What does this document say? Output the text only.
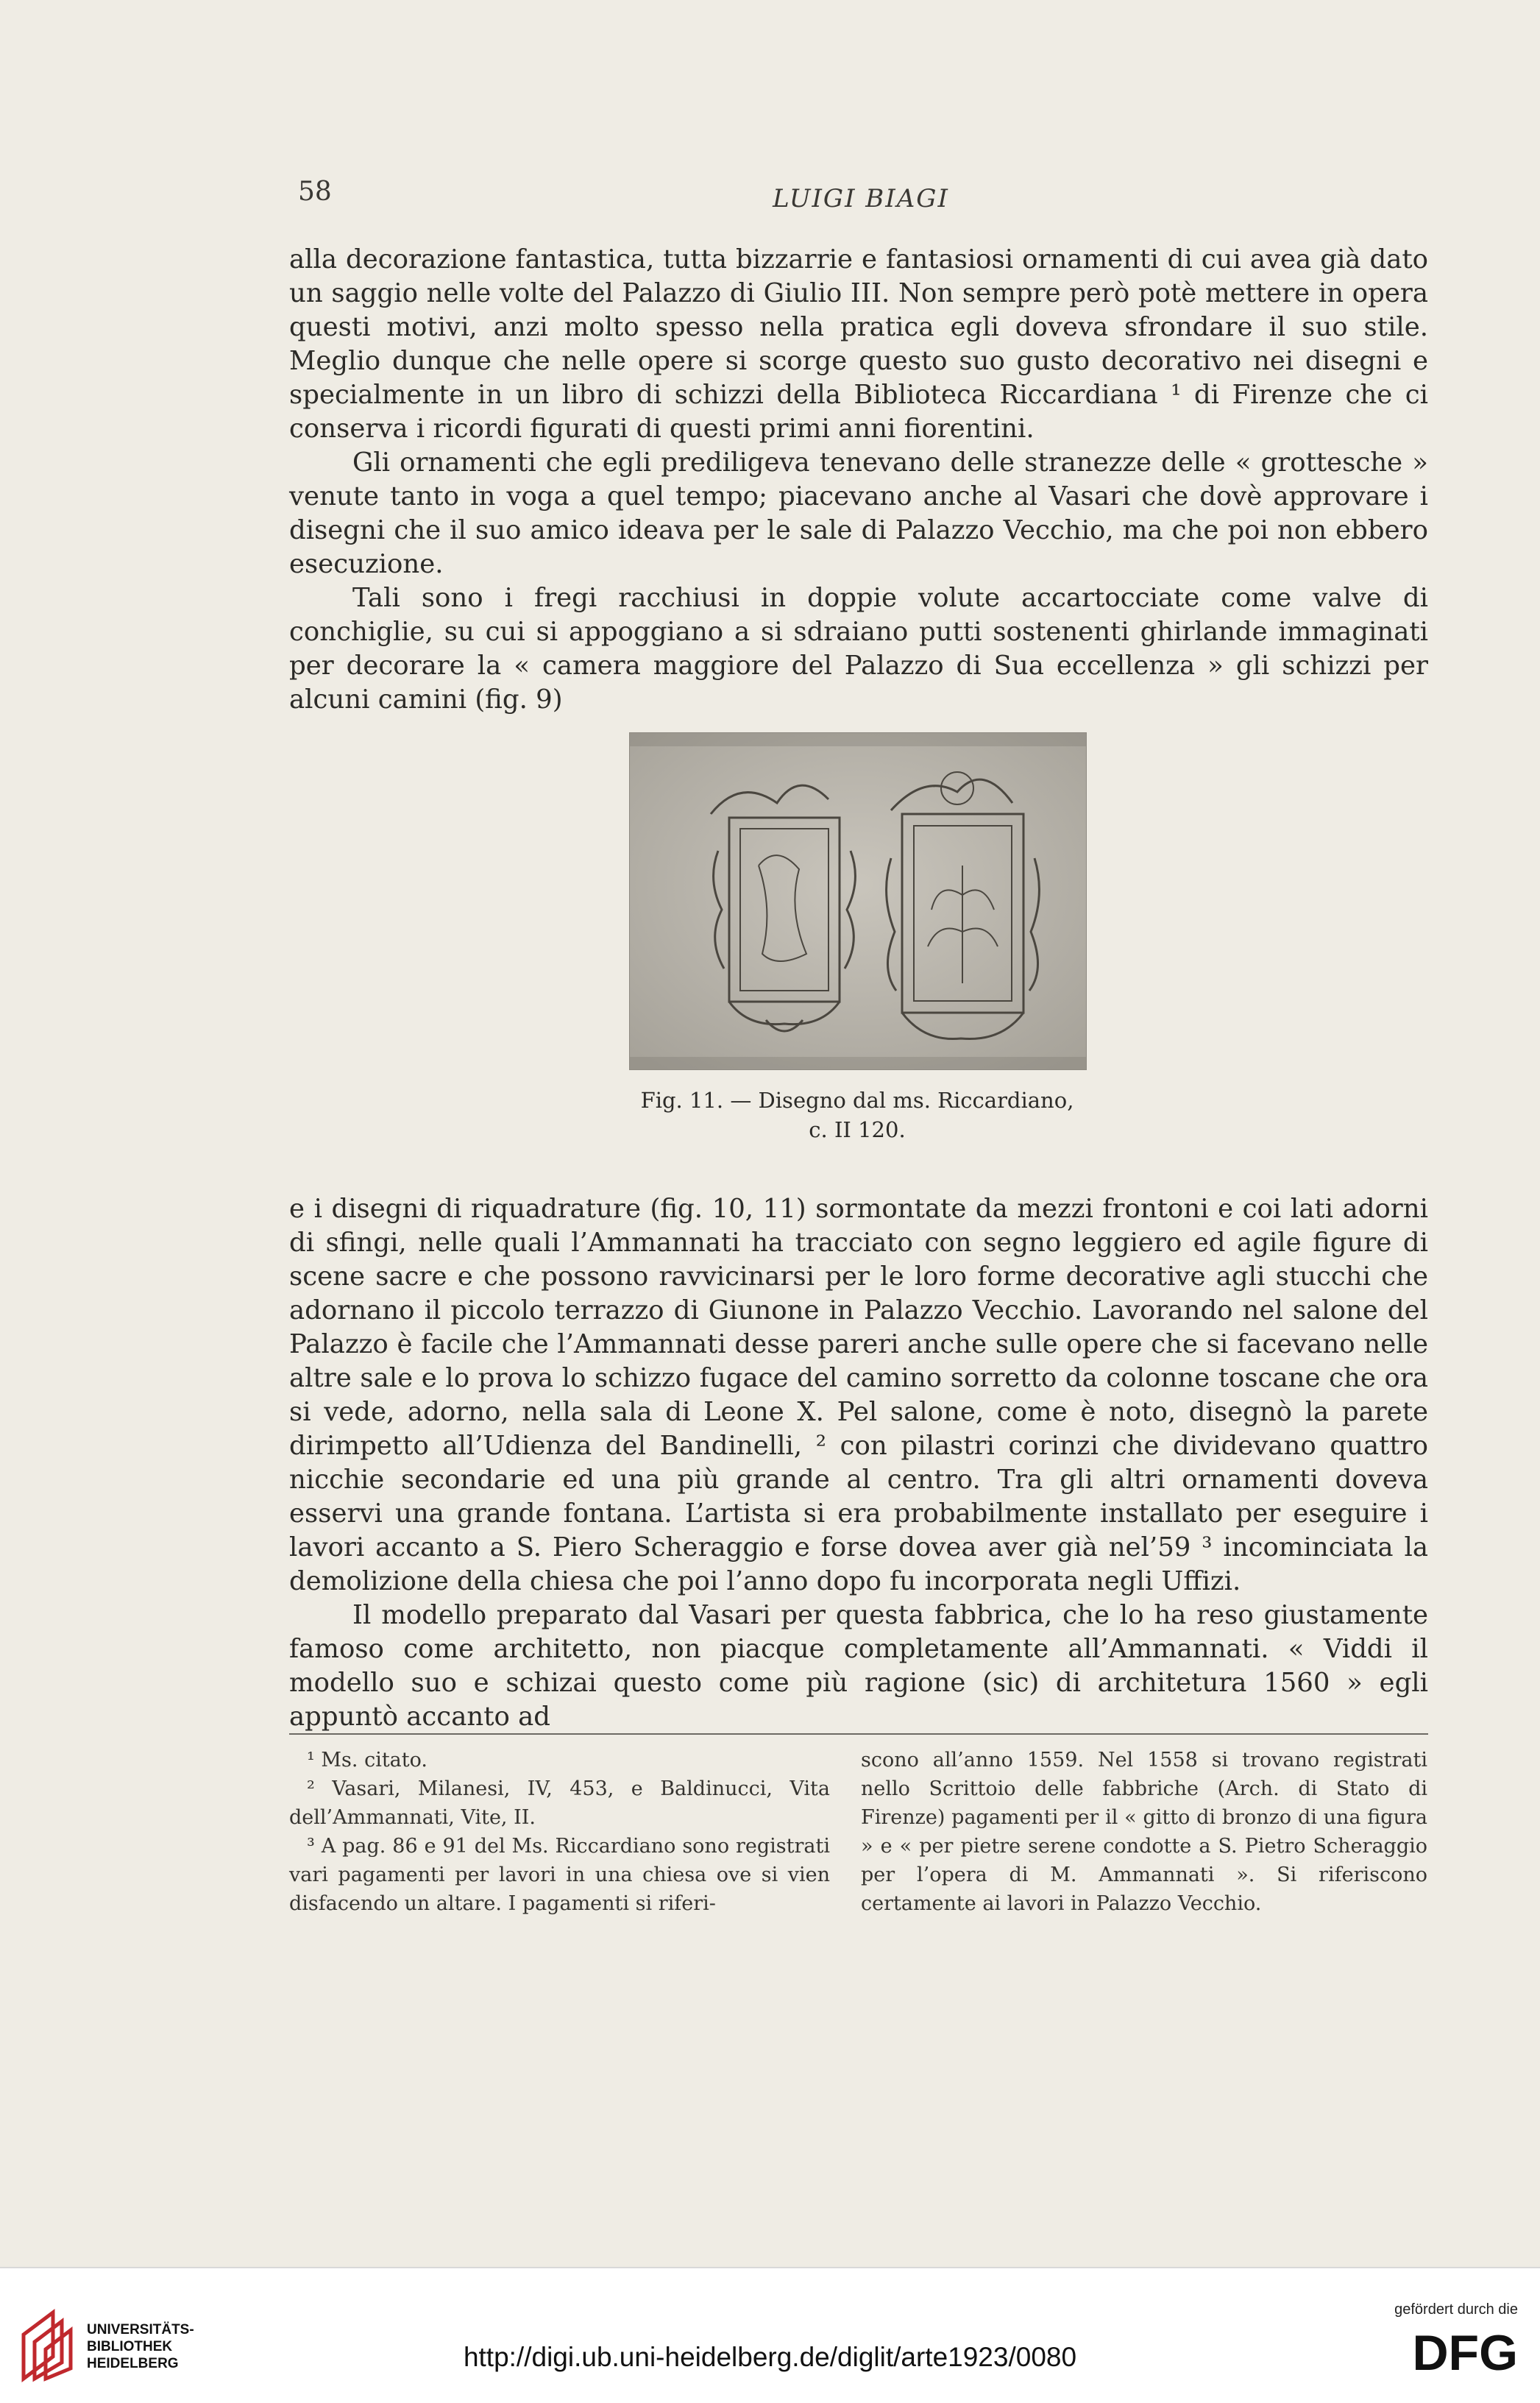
58	LUIGI BIAGI

alla decorazione fantastica, tutta bizzarrie e fantasiosi ornamenti di cui avea già dato un saggio nelle volte del Palazzo di Giulio III. Non sempre però potè mettere in opera questi motivi, anzi molto spesso nella pratica egli doveva sfrondare il suo stile. Meglio dunque che nelle opere si scorge questo suo gusto decorativo nei disegni e specialmente in un libro di schizzi della Biblioteca Riccardiana ¹ di Firenze che ci conserva i ricordi figurati di questi primi anni fiorentini.

Gli ornamenti che egli prediligeva tenevano delle stranezze delle « grottesche » venute tanto in voga a quel tempo; piacevano anche al Vasari che dovè approvare i disegni che il suo amico ideava per le sale di Palazzo Vecchio, ma che poi non ebbero esecuzione.

Tali sono i fregi racchiusi in doppie volute accartocciate come valve di conchiglie, su cui si appoggiano a si sdraiano putti sostenenti ghirlande immaginati per decorare la « camera maggiore del Palazzo di Sua eccellenza » gli schizzi per alcuni camini (fig. 9)

Fig. 11. — Disegno dal ms. Riccardiano,
c. II 120.

e i disegni di riquadrature (fig. 10, 11) sormontate da mezzi frontoni e coi lati adorni di sfingi, nelle quali l’Ammannati ha tracciato con segno leggiero ed agile figure di scene sacre e che possono ravvicinarsi per le loro forme decorative agli stucchi che adornano il piccolo terrazzo di Giunone in Palazzo Vecchio. Lavorando nel salone del Palazzo è facile che l’Ammannati desse pareri anche sulle opere che si facevano nelle altre sale e lo prova lo schizzo fugace del camino sorretto da colonne toscane che ora si vede, adorno, nella sala di Leone X. Pel salone, come è noto, disegnò la parete dirimpetto all’Udienza del Bandinelli, ² con pilastri corinzi che dividevano quattro nicchie secondarie ed una più grande al centro. Tra gli altri ornamenti doveva esservi una grande fontana. L’artista si era probabilmente installato per eseguire i lavori accanto a S. Piero Scheraggio e forse dovea aver già nel’59 ³ incominciata la demolizione della chiesa che poi l’anno dopo fu incorporata negli Uffizi.

Il modello preparato dal Vasari per questa fabbrica, che lo ha reso giustamente famoso come architetto, non piacque completamente all’Ammannati. « Viddi il modello suo e schizai questo come più ragione (sic) di architetura 1560 » egli appuntò accanto ad

¹ Ms. citato.

² Vasari, Milanesi, IV, 453, e Baldinucci, Vita dell’Ammannati, Vite, II.

³ A pag. 86 e 91 del Ms. Riccardiano sono registrati vari pagamenti per lavori in una chiesa ove si vien disfacendo un altare. I pagamenti si riferi-

scono all’anno 1559. Nel 1558 si trovano registrati nello Scrittoio delle fabbriche (Arch. di Stato di Firenze) pagamenti per il « gitto di bronzo di una figura » e « per pietre serene condotte a S. Pietro Scheraggio per l’opera di M. Ammannati ». Si riferiscono certamente ai lavori in Palazzo Vecchio.

UNIVERSITÄTS-
BIBLIOTHEK
HEIDELBERG	http://digi.ub.uni-heidelberg.de/diglit/arte1923/0080
gefördert durch die
DFG
